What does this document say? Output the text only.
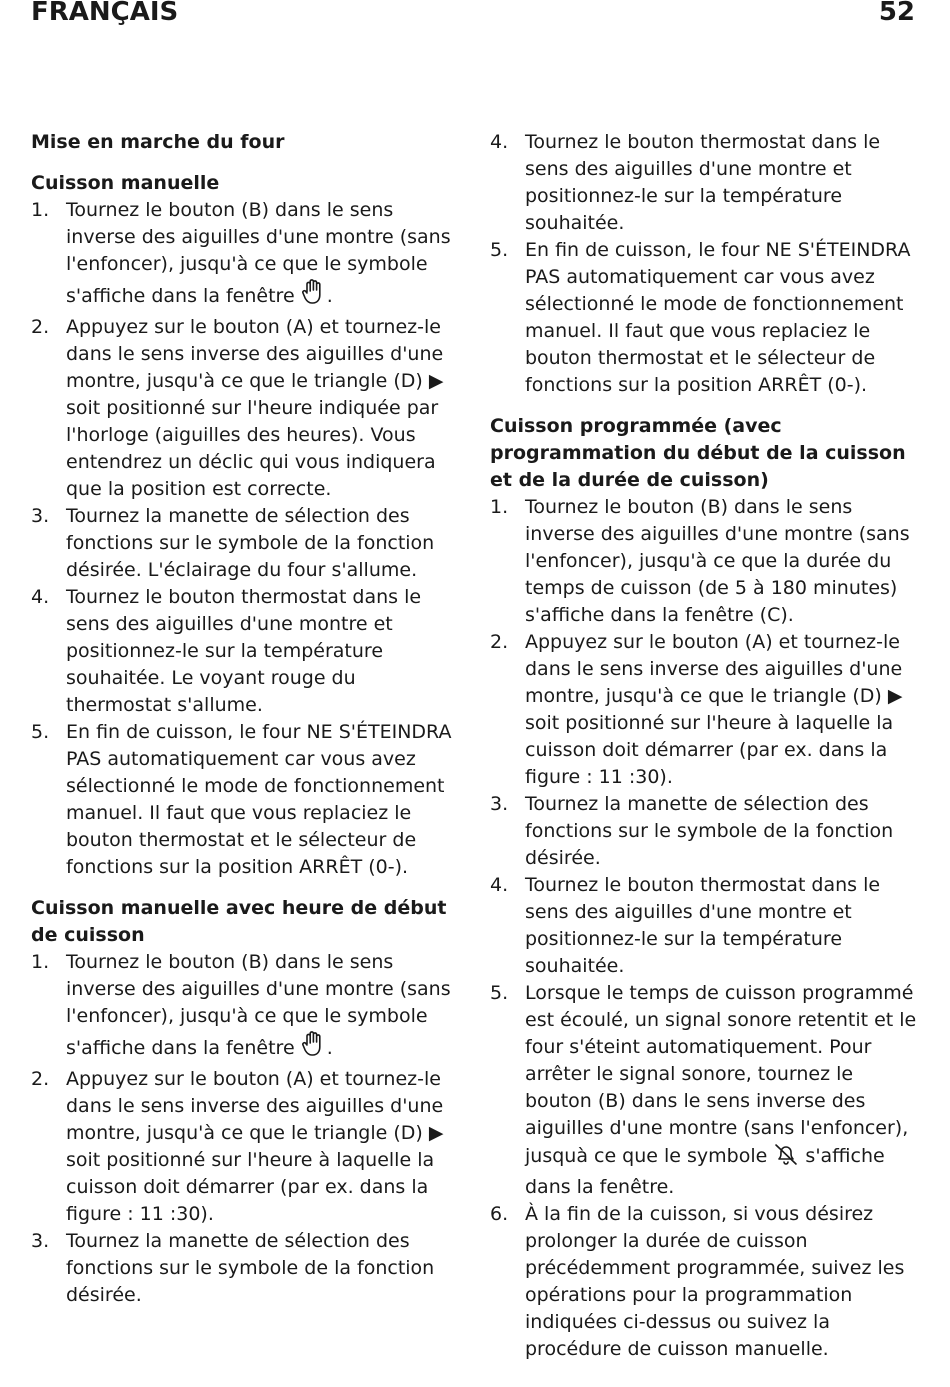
FRANÇAIS	52
Mise en marche du four
Cuisson manuelle
1. Tournez le bouton (B) dans le sens inverse des aiguilles d'une montre (sans l'enfoncer), jusqu'à ce que le symbole s'affiche dans la fenêtre .
2. Appuyez sur le bouton (A) et tournez-le dans le sens inverse des aiguilles d'une montre, jusqu'à ce que le triangle (D) ▶ soit positionné sur l'heure indiquée par l'horloge (aiguilles des heures). Vous entendrez un déclic qui vous indiquera que la position est correcte.
3. Tournez la manette de sélection des fonctions sur le symbole de la fonction désirée. L'éclairage du four s'allume.
4. Tournez le bouton thermostat dans le sens des aiguilles d'une montre et positionnez-le sur la température souhaitée. Le voyant rouge du thermostat s'allume.
5. En fin de cuisson, le four NE S'ÉTEINDRA PAS automatiquement car vous avez sélectionné le mode de fonctionnement manuel. Il faut que vous replaciez le bouton thermostat et le sélecteur de fonctions sur la position ARRÊT (0-).
Cuisson manuelle avec heure de début de cuisson
1. Tournez le bouton (B) dans le sens inverse des aiguilles d'une montre (sans l'enfoncer), jusqu'à ce que le symbole s'affiche dans la fenêtre .
2. Appuyez sur le bouton (A) et tournez-le dans le sens inverse des aiguilles d'une montre, jusqu'à ce que le triangle (D) ▶ soit positionné sur l'heure à laquelle la cuisson doit démarrer (par ex. dans la figure : 11 :30).
3. Tournez la manette de sélection des fonctions sur le symbole de la fonction désirée.
4. Tournez le bouton thermostat dans le sens des aiguilles d'une montre et positionnez-le sur la température souhaitée.
5. En fin de cuisson, le four NE S'ÉTEINDRA PAS automatiquement car vous avez sélectionné le mode de fonctionnement manuel. Il faut que vous replaciez le bouton thermostat et le sélecteur de fonctions sur la position ARRÊT (0-).
Cuisson programmée (avec programmation du début de la cuisson et de la durée de cuisson)
1. Tournez le bouton (B) dans le sens inverse des aiguilles d'une montre (sans l'enfoncer), jusqu'à ce que la durée du temps de cuisson (de 5 à 180 minutes) s'affiche dans la fenêtre (C).
2. Appuyez sur le bouton (A) et tournez-le dans le sens inverse des aiguilles d'une montre, jusqu'à ce que le triangle (D) ▶ soit positionné sur l'heure à laquelle la cuisson doit démarrer (par ex. dans la figure : 11 :30).
3. Tournez la manette de sélection des fonctions sur le symbole de la fonction désirée.
4. Tournez le bouton thermostat dans le sens des aiguilles d'une montre et positionnez-le sur la température souhaitée.
5. Lorsque le temps de cuisson programmé est écoulé, un signal sonore retentit et le four s'éteint automatiquement. Pour arrêter le signal sonore, tournez le bouton (B) dans le sens inverse des aiguilles d'une montre (sans l'enfoncer), jusquà ce que le symbole  s'affiche dans la fenêtre.
6. À la fin de la cuisson, si vous désirez prolonger la durée de cuisson précédemment programmée, suivez les opérations pour la programmation indiquées ci-dessus ou suivez la procédure de cuisson manuelle.
